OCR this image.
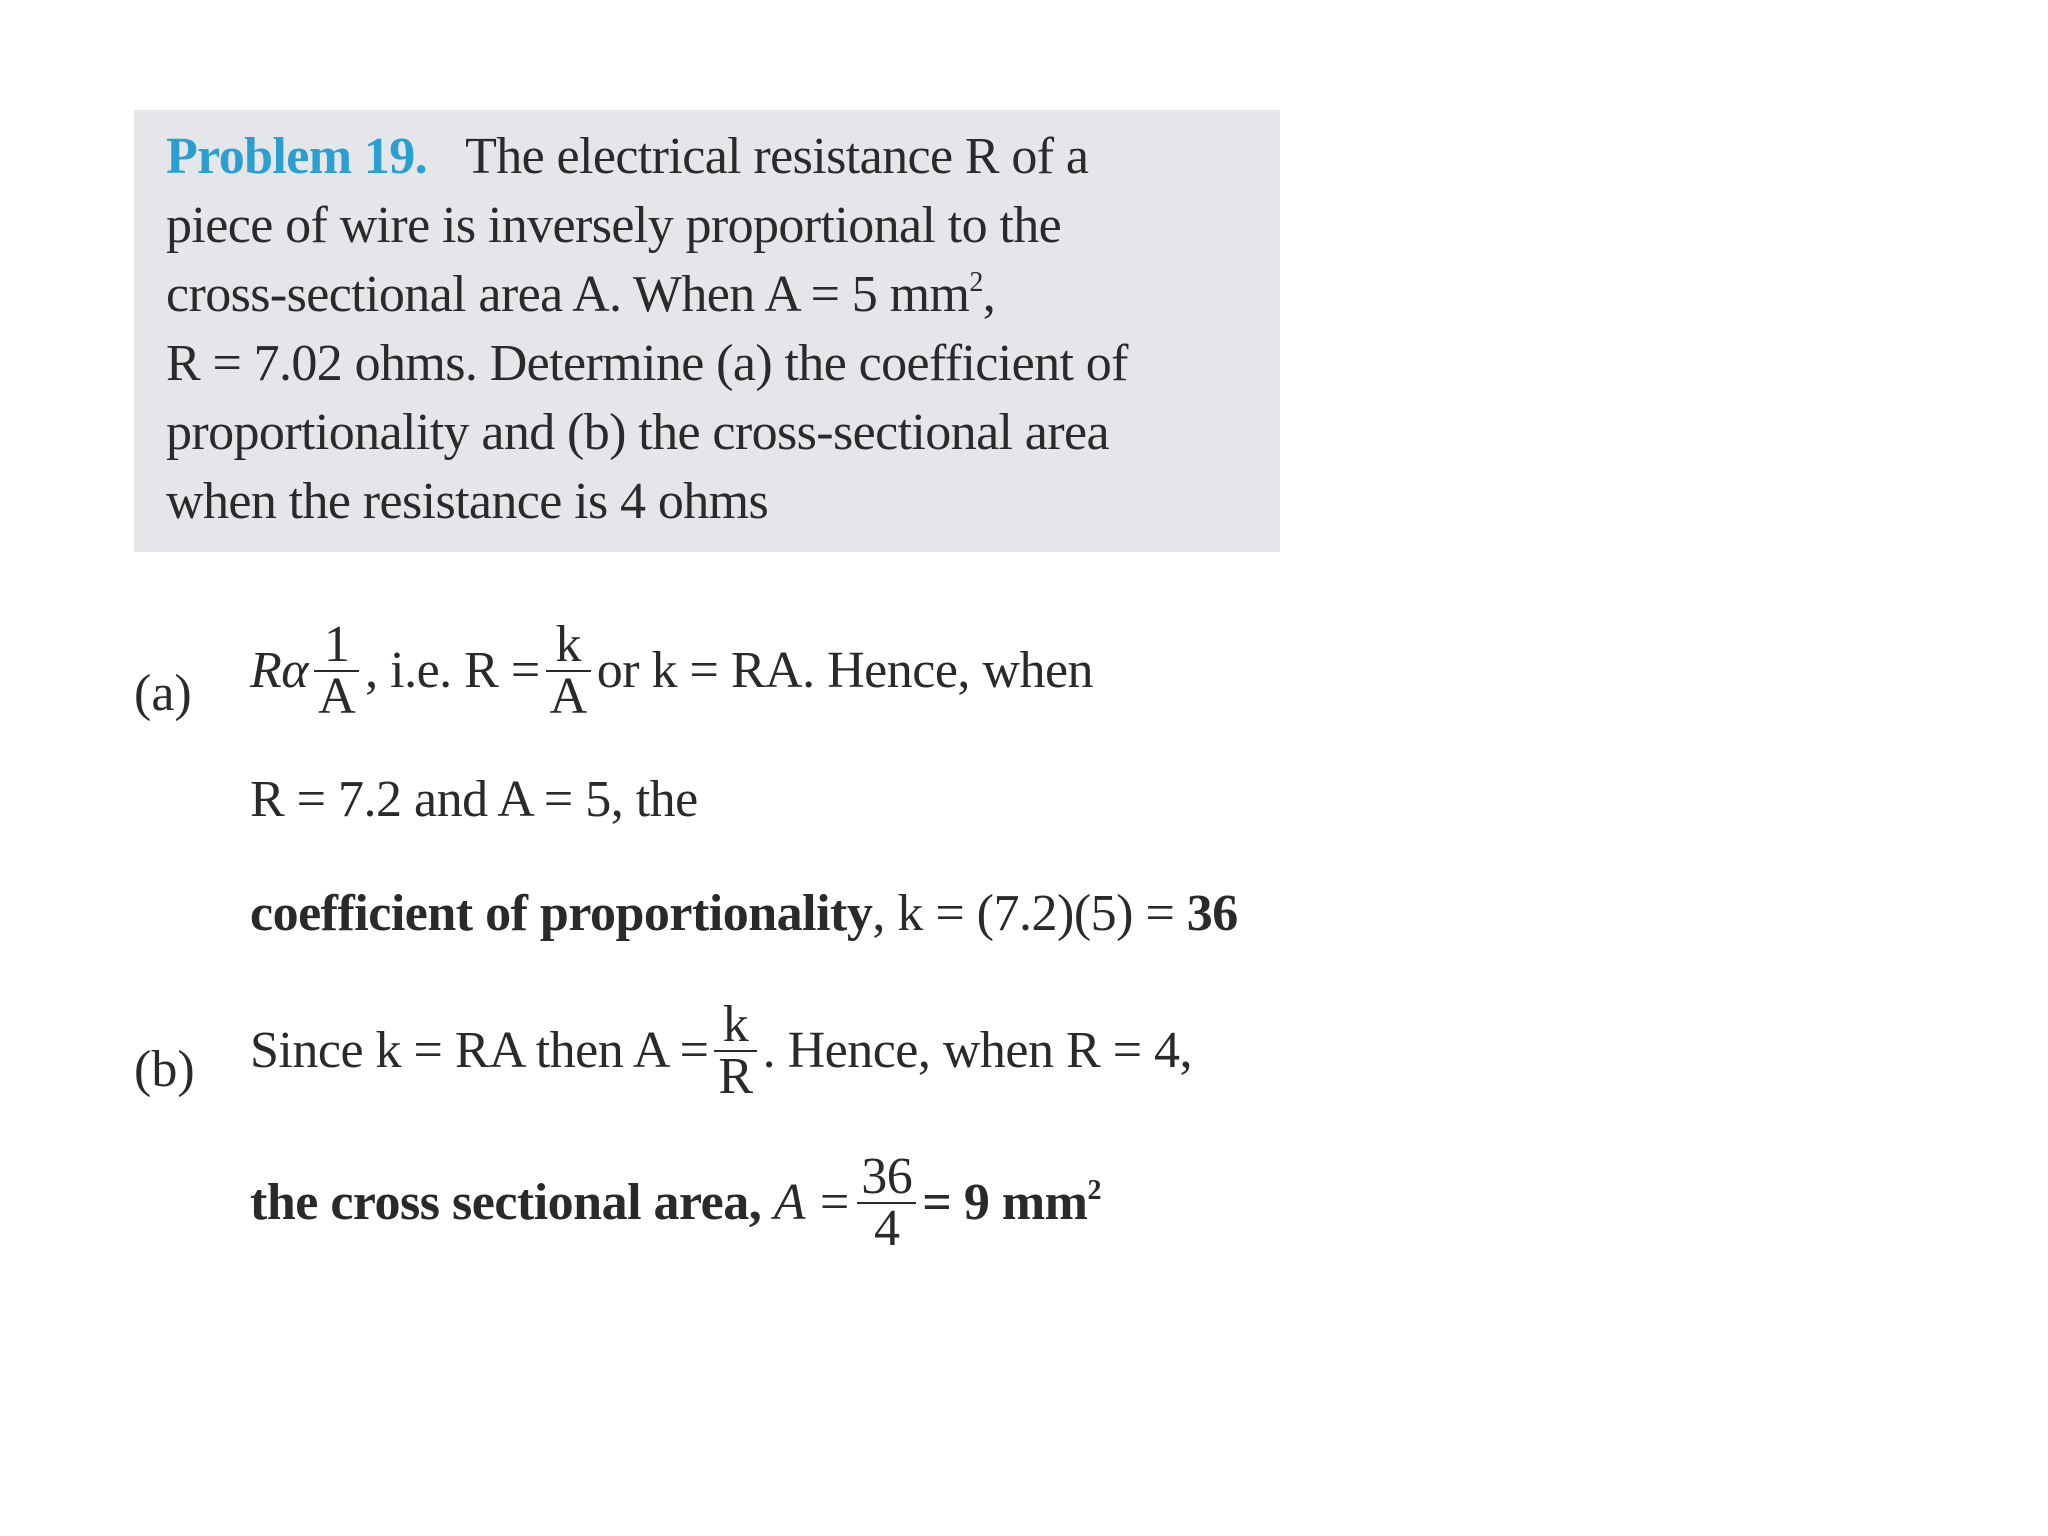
Problem 19. The electrical resistance R of a
piece of wire is inversely proportional to the
cross-sectional area A. When A = 5 $mm^2$,
R = 7.02 ohms. Determine (a) the coefficient of
proportionality and (b) the cross-sectional area
when the resistance is 4 ohms
(a) Rα $\frac{1}{A}$ , i.e. $R = \frac{k}{A}$ or k = RA. Hence, when
R = 7.2 and A = 5, the
coefficient of proportionality, k = (7.2)(5) = 36
(b) Since k = RA then $A = \frac{k}{R}$ . Hence, when R = 4,
the cross sectional area, $A = \frac{36}{4} = 9$ $mm^2$
